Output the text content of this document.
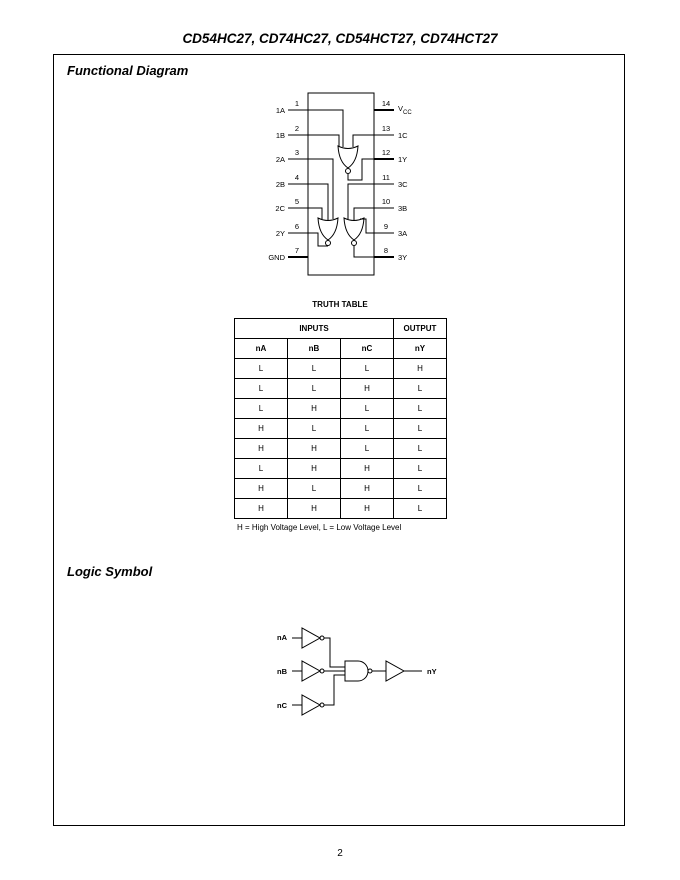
CD54HC27, CD74HC27, CD54HCT27, CD74HCT27
Functional Diagram
1
2
3
4
5
6
7
1A
1B
2A
2B
2C
2Y
GND
14
13
12
11
10
9
8
$V_{CC}$
1C
1Y
3C
3B
3A
3Y
nA
nB
nC
nY
TRUTH TABLE
INPUTS			OUTPUT
nA	nB	nC	nY
L	L	L	H
L	L	H	L
L	H	L	L
H	L	L	L
H	H	L	L
L	H	H	L
H	L	H	L
H	H	H	L
H = High Voltage Level, L = Low Voltage Level
Logic Symbol
2
